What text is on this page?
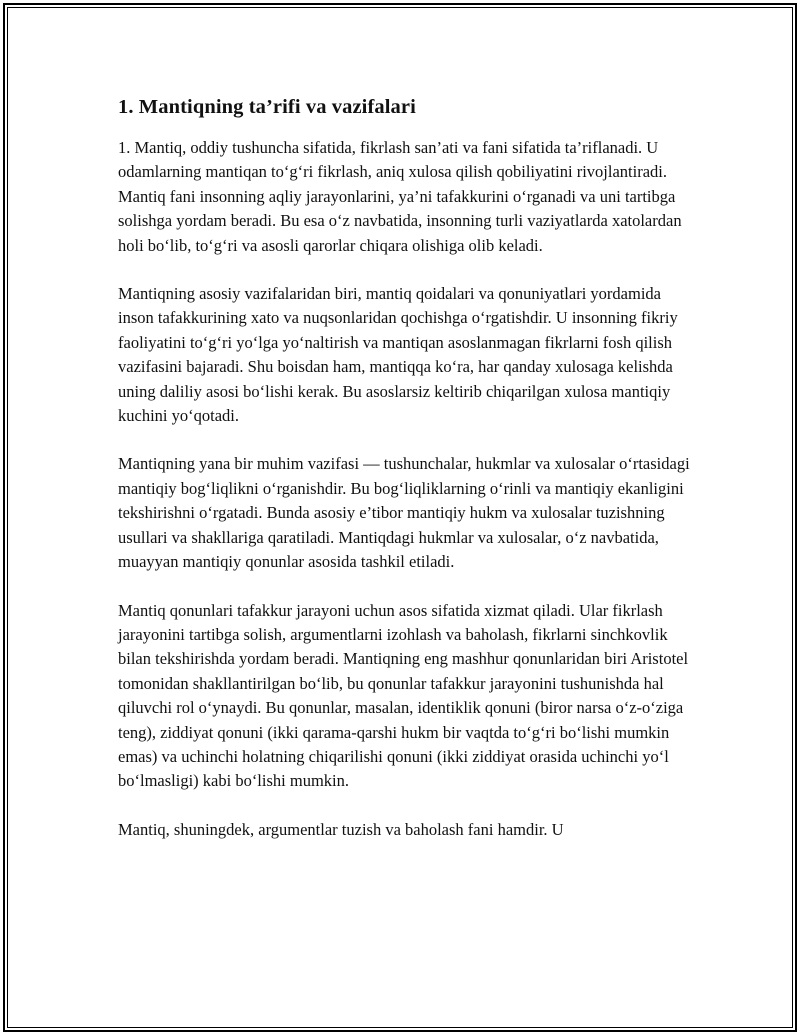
1. Mantiqning ta’rifi va vazifalari

1. Mantiq, oddiy tushuncha sifatida, fikrlash san’ati va fani sifatida ta’riflanadi. U odamlarning mantiqan to‘g‘ri fikrlash, aniq xulosa qilish qobiliyatini rivojlantiradi. Mantiq fani insonning aqliy jarayonlarini, ya’ni tafakkurini o‘rganadi va uni tartibga solishga yordam beradi. Bu esa o‘z navbatida, insonning turli vaziyatlarda xatolardan holi bo‘lib, to‘g‘ri va asosli qarorlar chiqara olishiga olib keladi.

Mantiqning asosiy vazifalaridan biri, mantiq qoidalari va qonuniyatlari yordamida inson tafakkurining xato va nuqsonlaridan qochishga o‘rgatishdir. U insonning fikriy faoliyatini to‘g‘ri yo‘lga yo‘naltirish va mantiqan asoslanmagan fikrlarni fosh qilish vazifasini bajaradi. Shu boisdan ham, mantiqqa ko‘ra, har qanday xulosaga kelishda uning daliliy asosi bo‘lishi kerak. Bu asoslarsiz keltirib chiqarilgan xulosa mantiqiy kuchini yo‘qotadi.

Mantiqning yana bir muhim vazifasi — tushunchalar, hukmlar va xulosalar o‘rtasidagi mantiqiy bog‘liqlikni o‘rganishdir. Bu bog‘liqliklarning o‘rinli va mantiqiy ekanligini tekshirishni o‘rgatadi. Bunda asosiy e’tibor mantiqiy hukm va xulosalar tuzishning usullari va shakllariga qaratiladi. Mantiqdagi hukmlar va xulosalar, o‘z navbatida, muayyan mantiqiy qonunlar asosida tashkil etiladi.

Mantiq qonunlari tafakkur jarayoni uchun asos sifatida xizmat qiladi. Ular fikrlash jarayonini tartibga solish, argumentlarni izohlash va baholash, fikrlarni sinchkovlik bilan tekshirishda yordam beradi. Mantiqning eng mashhur qonunlaridan biri Aristotel tomonidan shakllantirilgan bo‘lib, bu qonunlar tafakkur jarayonini tushunishda hal qiluvchi rol o‘ynaydi. Bu qonunlar, masalan, identiklik qonuni (biror narsa o‘z-o‘ziga teng), ziddiyat qonuni (ikki qarama-qarshi hukm bir vaqtda to‘g‘ri bo‘lishi mumkin emas) va uchinchi holatning chiqarilishi qonuni (ikki ziddiyat orasida uchinchi yo‘l bo‘lmasligi) kabi bo‘lishi mumkin.

Mantiq, shuningdek, argumentlar tuzish va baholash fani hamdir. U
